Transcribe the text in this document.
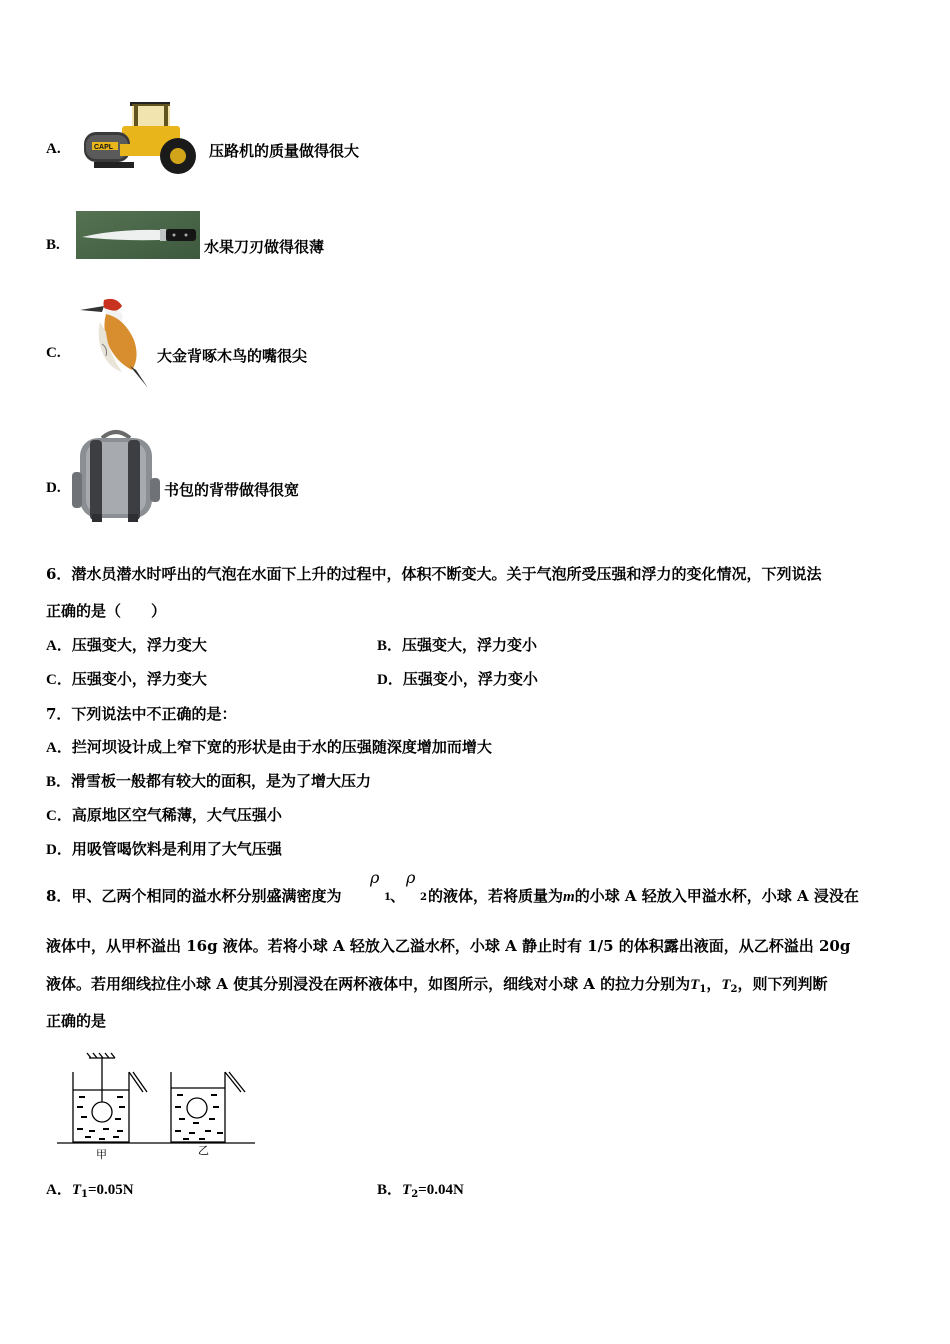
A.	CAPL	压路机的质量做得很大
B.	水果刀刃做得很薄
C.	大金背啄木鸟的嘴很尖
D.	书包的背带做得很宽
6．潜水员潜水时呼出的气泡在水面下上升的过程中，体积不断变大。关于气泡所受压强和浮力的变化情况，下列说法
正确的是（　　）
A．压强变大，浮力变大	B．压强变大，浮力变小
C．压强变小，浮力变大	D．压强变小，浮力变小
7．下列说法中不正确的是：
A．拦河坝设计成上窄下宽的形状是由于水的压强随深度增加而增大
B．滑雪板一般都有较大的面积，是为了增大压力
C．高原地区空气稀薄，大气压强小
D．用吸管喝饮料是利用了大气压强
8．甲、乙两个相同的溢水杯分别盛满密度为
ρ
1 、
ρ
2 的液体，若将质量为m的小球 A 轻放入甲溢水杯，小球 A 浸没在
液体中，从甲杯溢出 16g 液体。若将小球 A 轻放入乙溢水杯，小球 A 静止时有 1/5 的体积露出液面，从乙杯溢出 20g
液体。若用细线拉住小球 A 使其分别浸没在两杯液体中，如图所示，细线对小球 A 的拉力分别为$T_1$，$T_2$，则下列判断
正确的是
甲	乙
A．$T_1=0.05N$	B．$T_2=0.04N$
